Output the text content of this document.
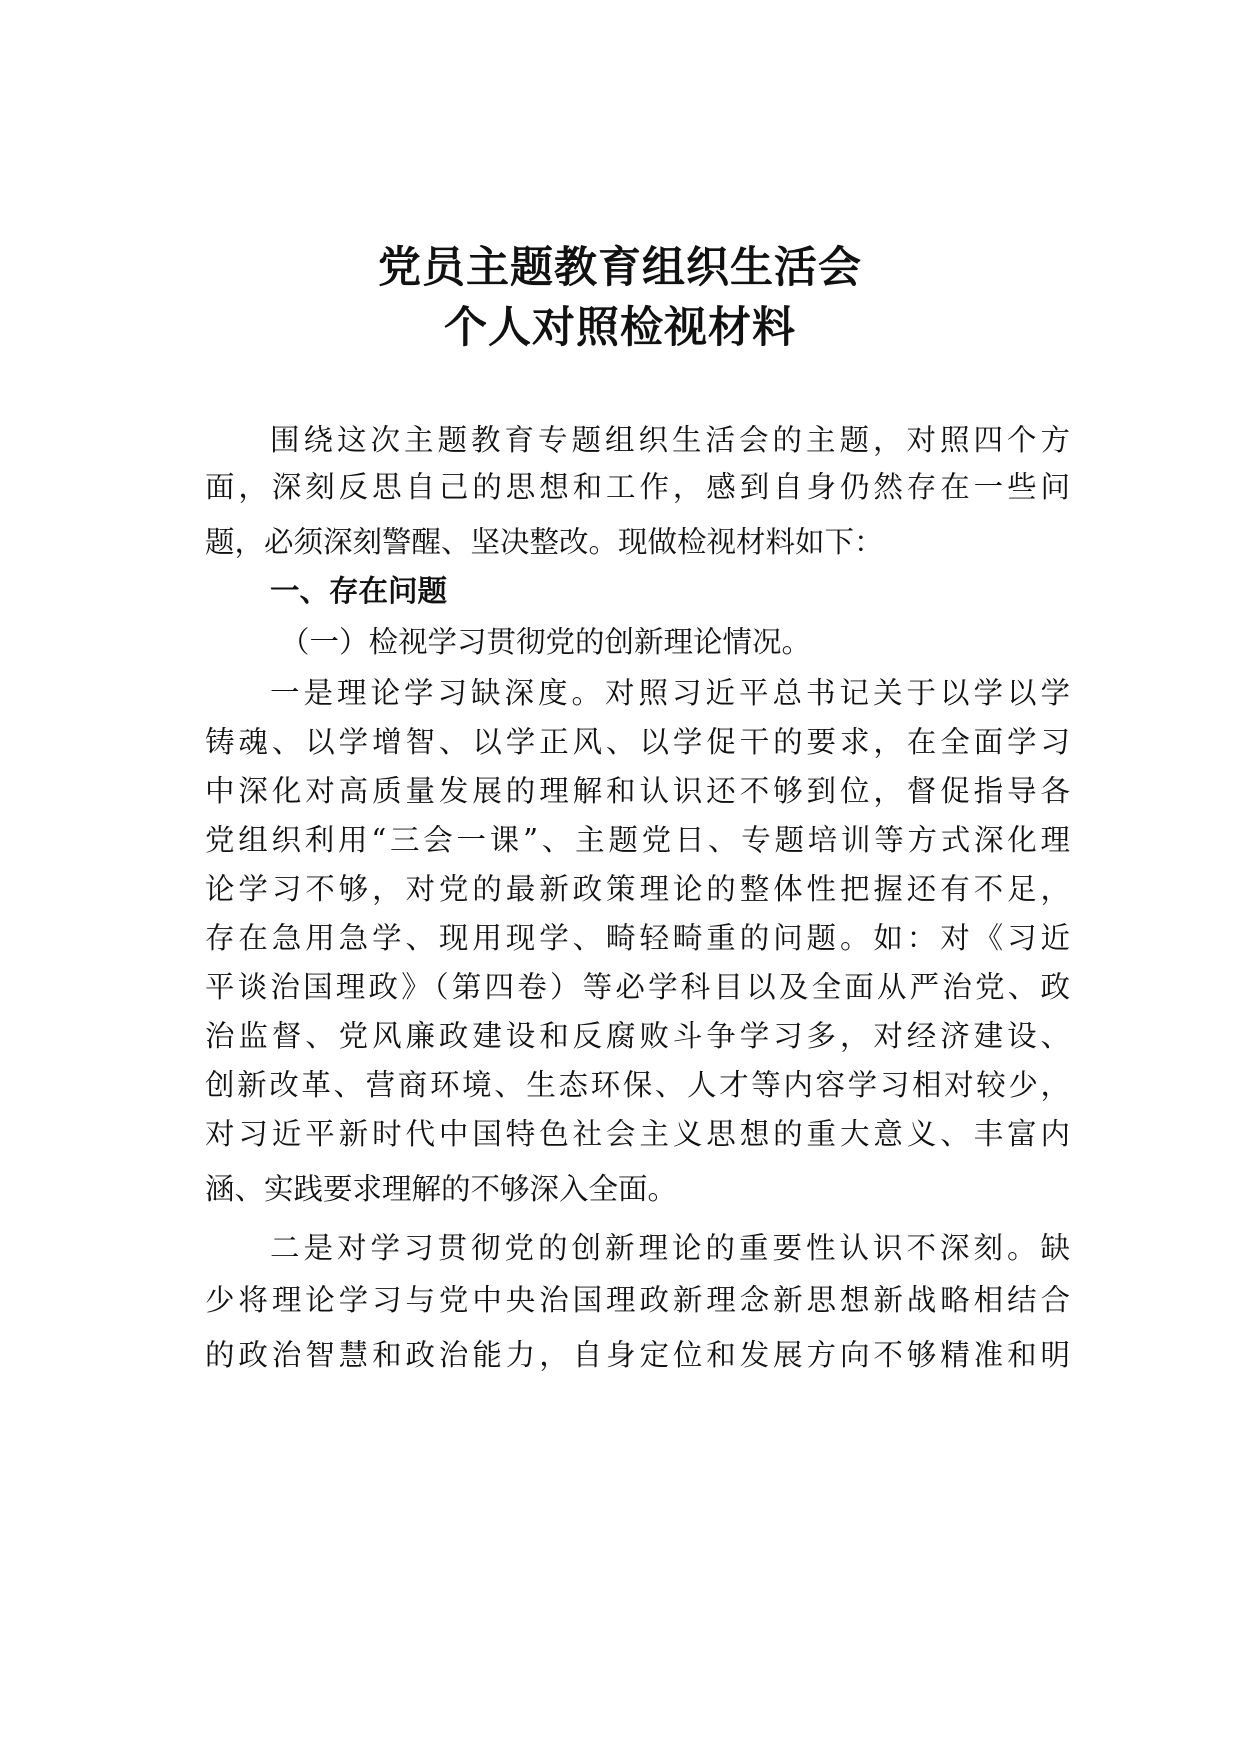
党员主题教育组织生活会
个人对照检视材料

围绕这次主题教育专题组织生活会的主题，对照四个方

面，深刻反思自己的思想和工作，感到自身仍然存在一些问

题，必须深刻警醒、坚决整改。现做检视材料如下：

一、存在问题
（一）检视学习贯彻党的创新理论情况。

一是理论学习缺深度。对照习近平总书记关于以学以学

铸魂、以学增智、以学正风、以学促干的要求，在全面学习

中深化对高质量发展的理解和认识还不够到位，督促指导各

党组织利用“三会一课”、主题党日、专题培训等方式深化理

论学习不够，对党的最新政策理论的整体性把握还有不足，

存在急用急学、现用现学、畸轻畸重的问题。如：对《习近

平谈治国理政》（第四卷）等必学科目以及全面从严治党、政

治监督、党风廉政建设和反腐败斗争学习多，对经济建设、

创新改革、营商环境、生态环保、人才等内容学习相对较少，

对习近平新时代中国特色社会主义思想的重大意义、丰富内

涵、实践要求理解的不够深入全面。

二是对学习贯彻党的创新理论的重要性认识不深刻。缺

少将理论学习与党中央治国理政新理念新思想新战略相结合

的政治智慧和政治能力，自身定位和发展方向不够精准和明
